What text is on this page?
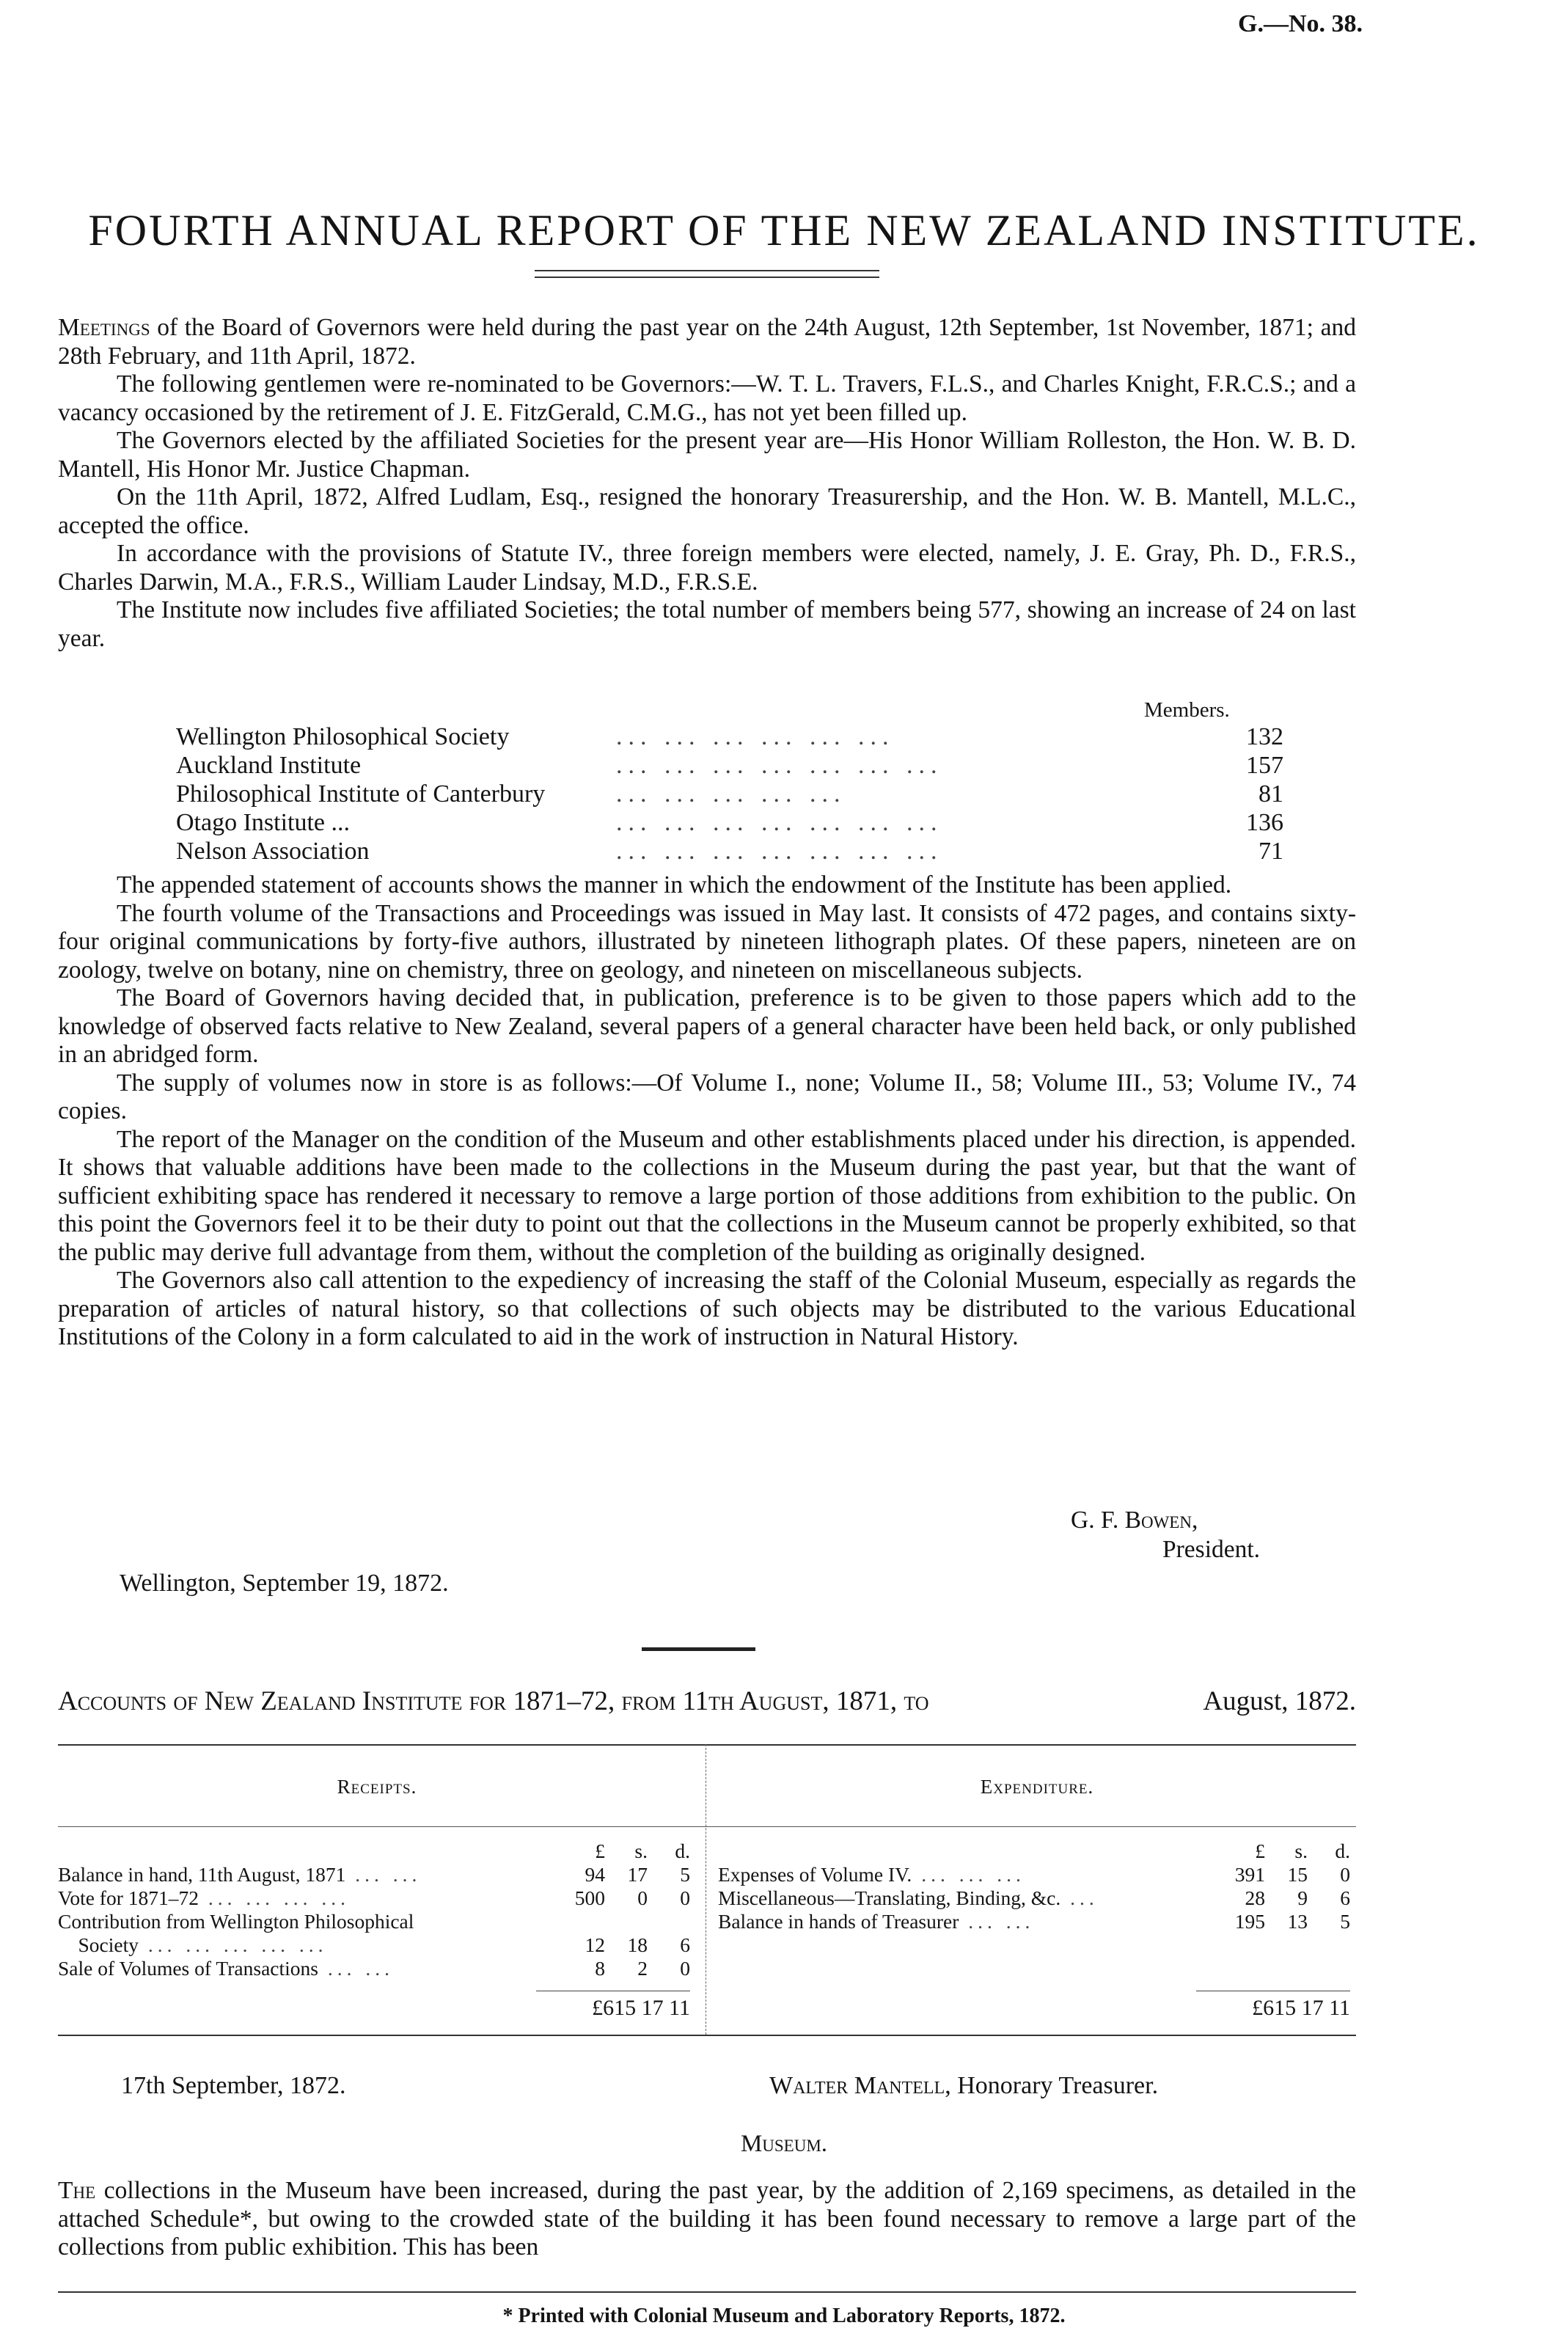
G.—No. 38.
FOURTH ANNUAL REPORT OF THE NEW ZEALAND INSTITUTE.

Meetings of the Board of Governors were held during the past year on the 24th August, 12th September, 1st November, 1871; and 28th February, and 11th April, 1872.

The following gentlemen were re-nominated to be Governors:—W. T. L. Travers, F.L.S., and Charles Knight, F.R.C.S.; and a vacancy occasioned by the retirement of J. E. FitzGerald, C.M.G., has not yet been filled up.

The Governors elected by the affiliated Societies for the present year are—His Honor William Rolleston, the Hon. W. B. D. Mantell, His Honor Mr. Justice Chapman.

On the 11th April, 1872, Alfred Ludlam, Esq., resigned the honorary Treasurership, and the Hon. W. B. Mantell, M.L.C., accepted the office.

In accordance with the provisions of Statute IV., three foreign members were elected, namely, J. E. Gray, Ph. D., F.R.S., Charles Darwin, M.A., F.R.S., William Lauder Lindsay, M.D., F.R.S.E.

The Institute now includes five affiliated Societies; the total number of members being 577, showing an increase of 24 on last year.

Members.
Wellington Philosophical Society	... ... ... ... ... ...	132
Auckland Institute	... ... ... ... ... ... ...	157
Philosophical Institute of Canterbury	... ... ... ... ...	81
Otago Institute ...	... ... ... ... ... ... ...	136
Nelson Association	... ... ... ... ... ... ...	71

The appended statement of accounts shows the manner in which the endowment of the Institute has been applied.

The fourth volume of the Transactions and Proceedings was issued in May last. It consists of 472 pages, and contains sixty-four original communications by forty-five authors, illustrated by nineteen lithograph plates. Of these papers, nineteen are on zoology, twelve on botany, nine on chemistry, three on geology, and nineteen on miscellaneous subjects.

The Board of Governors having decided that, in publication, preference is to be given to those papers which add to the knowledge of observed facts relative to New Zealand, several papers of a general character have been held back, or only published in an abridged form.

The supply of volumes now in store is as follows:—Of Volume I., none; Volume II., 58; Volume III., 53; Volume IV., 74 copies.

The report of the Manager on the condition of the Museum and other establishments placed under his direction, is appended. It shows that valuable additions have been made to the collections in the Museum during the past year, but that the want of sufficient exhibiting space has rendered it necessary to remove a large portion of those additions from exhibition to the public. On this point the Governors feel it to be their duty to point out that the collections in the Museum cannot be properly exhibited, so that the public may derive full advantage from them, without the completion of the building as originally designed.

The Governors also call attention to the expediency of increasing the staff of the Colonial Museum, especially as regards the preparation of articles of natural history, so that collections of such objects may be distributed to the various Educational Institutions of the Colony in a form calculated to aid in the work of instruction in Natural History.

G. F. Bowen,
President.
Wellington, September 19, 1872.
Accounts of New Zealand Institute for 1871–72, from 11th August, 1871, to	August, 1872.
Receipts.
£	s.	d.
Balance in hand, 11th August, 1871 ... ...	94	17	5
Vote for 1871–72 ... ... ... ...	500	0	0
Contribution from Wellington Philosophical
Society ... ... ... ... ...	12	18	6
Sale of Volumes of Transactions ... ...	8	2	0
£615 17 11
Expenditure.
£	s.	d.
Expenses of Volume IV. ... ... ...	391	15	0
Miscellaneous—Translating, Binding, &c. ...	28	9	6
Balance in hands of Treasurer ... ...	195	13	5
£615 17 11
17th September, 1872.	Walter Mantell, Honorary Treasurer.
Museum.

The collections in the Museum have been increased, during the past year, by the addition of 2,169 specimens, as detailed in the attached Schedule*, but owing to the crowded state of the building it has been found necessary to remove a large part of the collections from public exhibition. This has been

* Printed with Colonial Museum and Laboratory Reports, 1872.
